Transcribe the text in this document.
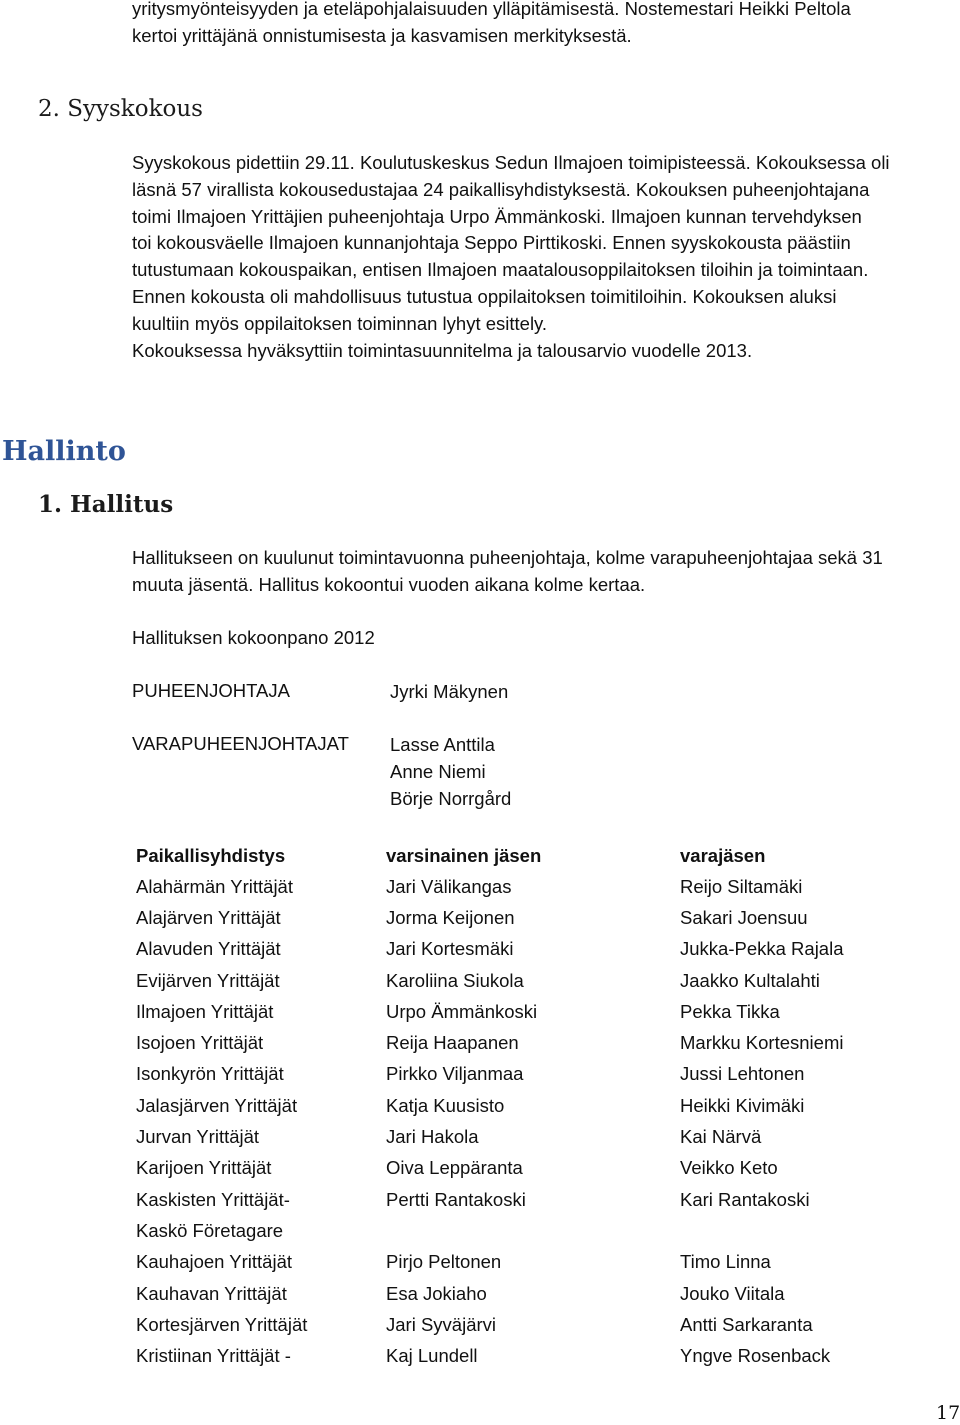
yritysmyönteisyyden ja eteläpohjalaisuuden ylläpitämisestä. Nostemestari Heikki Peltola
kertoi yrittäjänä onnistumisesta ja kasvamisen merkityksestä.
2. Syyskokous
Syyskokous pidettiin 29.11. Koulutuskeskus Sedun Ilmajoen toimipisteessä. Kokouksessa oli
läsnä 57 virallista kokousedustajaa 24 paikallisyhdistyksestä. Kokouksen puheenjohtajana
toimi Ilmajoen Yrittäjien puheenjohtaja Urpo Ämmänkoski. Ilmajoen kunnan tervehdyksen
toi kokousväelle Ilmajoen kunnanjohtaja Seppo Pirttikoski. Ennen syyskokousta päästiin
tutustumaan kokouspaikan, entisen Ilmajoen maatalousoppilaitoksen tiloihin ja toimintaan.
Ennen kokousta oli mahdollisuus tutustua oppilaitoksen toimitiloihin. Kokouksen aluksi
kuultiin myös oppilaitoksen toiminnan lyhyt esittely.
Kokouksessa hyväksyttiin toimintasuunnitelma ja talousarvio vuodelle 2013.
Hallinto
1. Hallitus
Hallitukseen on kuulunut toimintavuonna puheenjohtaja, kolme varapuheenjohtajaa sekä 31
muuta jäsentä. Hallitus kokoontui vuoden aikana kolme kertaa.
Hallituksen kokoonpano 2012
PUHEENJOHTAJA	Jyrki Mäkynen
VARAPUHEENJOHTAJAT Lasse Anttila
Anne Niemi
Börje Norrgård
Paikallisyhdistys	varsinainen jäsen	varajäsen
Alahärmän Yrittäjät	Jari Välikangas	Reijo Siltamäki
Alajärven Yrittäjät	Jorma Keijonen	Sakari Joensuu
Alavuden Yrittäjät	Jari Kortesmäki	Jukka-Pekka Rajala
Evijärven Yrittäjät	Karoliina Siukola	Jaakko Kultalahti
Ilmajoen Yrittäjät	Urpo Ämmänkoski	Pekka Tikka
Isojoen Yrittäjät	Reija Haapanen	Markku Kortesniemi
Isonkyrön Yrittäjät	Pirkko Viljanmaa	Jussi Lehtonen
Jalasjärven Yrittäjät	Katja Kuusisto	Heikki Kivimäki
Jurvan Yrittäjät	Jari Hakola	Kai Närvä
Karijoen Yrittäjät	Oiva Leppäranta	Veikko Keto
Kaskisten Yrittäjät-	Pertti Rantakoski	Kari Rantakoski
Kaskö Företagare		
Kauhajoen Yrittäjät	Pirjo Peltonen	Timo Linna
Kauhavan Yrittäjät	Esa Jokiaho	Jouko Viitala
Kortesjärven Yrittäjät	Jari Syväjärvi	Antti Sarkaranta
Kristiinan Yrittäjät -	Kaj Lundell	Yngve Rosenback
17
